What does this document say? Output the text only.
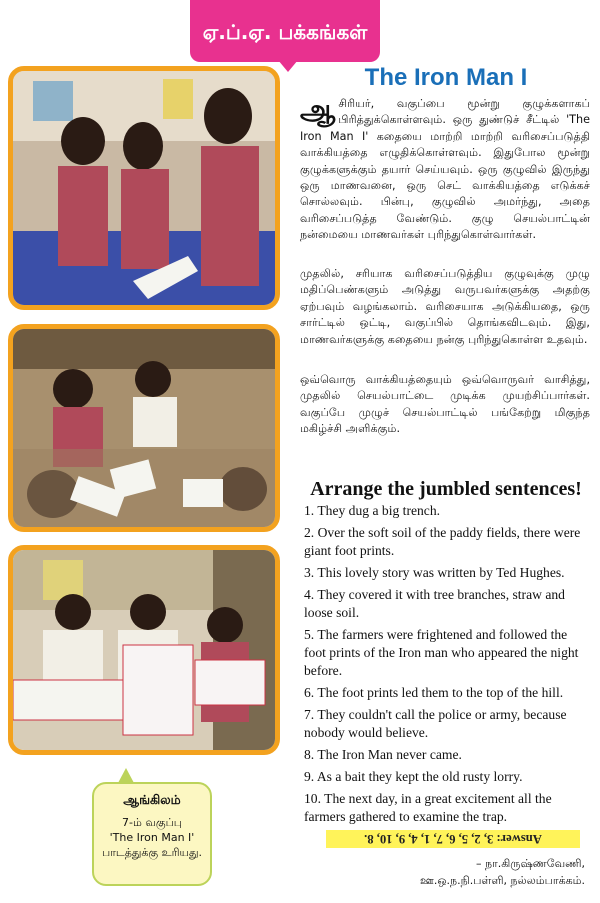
ஏ.ப்.ஏ. பக்கங்கள்
The Iron Man I
ஆசிரியர், வகுப்பை மூன்று குழுக்களாகப் பிரித்துக்கொள்ளவும். ஒரு துண்டுச் சீட்டில் 'The Iron Man I' கதையை மாற்றி மாற்றி வரிசைப்படுத்தி வாக்கியத்தை எழுதிக்கொள்ளவும். இதுபோல மூன்று குழுக்களுக்கும் தயார் செய்யவும். ஒரு குழுவில் இருந்து ஒரு மாணவனை, ஒரு செட் வாக்கியத்தை எடுக்கச் சொல்லவும். பின்பு, குழுவில் அமர்ந்து, அதை வரிசைப்படுத்த வேண்டும். குழு செயல்பாட்டின் நன்மையை மாணவர்கள் புரிந்துகொள்வார்கள்.
முதலில், சரியாக வரிசைப்படுத்திய குழுவுக்கு முழு மதிப்பெண்களும் அடுத்து வருபவர்களுக்கு அதற்கு ஏற்பவும் வழங்கலாம். வரிசையாக அடுக்கியதை, ஒரு சார்ட்டில் ஒட்டி, வகுப்பில் தொங்கவிடவும். இது, மாணவர்களுக்கு கதையை நன்கு புரிந்துகொள்ள உதவும்.
ஒவ்வொரு வாக்கியத்தையும் ஒவ்வொருவர் வாசித்து, முதலில் செயல்பாட்டை முடிக்க முயற்சிப்பார்கள். வகுப்பே முழுச் செயல்பாட்டில் பங்கேற்று மிகுந்த மகிழ்ச்சி அளிக்கும்.
Arrange the jumbled sentences!
1. They dug a big trench.
2. Over the soft soil of the paddy fields, there were giant foot prints.
3. This lovely story was written by Ted Hughes.
4. They covered it with tree branches, straw and loose soil.
5. The farmers were frightened and followed the foot prints of the Iron man who appeared the night before.
6. The foot prints led them to the top of the hill.
7. They couldn't call the police or army, because nobody would believe.
8. The Iron Man never came.
9. As a bait they kept the old rusty lorry.
10. The next day, in a great excitement all the farmers gathered to examine the trap.
Answer: 3, 2, 5, 6, 7, 1, 4, 9, 10, 8.
– நா.கிருஷ்ணவேணி,
ஊ.ஒ.ந.நி.பள்ளி, நல்லம்பாக்கம்.
ஆங்கிலம்
7-ம் வகுப்பு
'The Iron Man I' பாடத்துக்கு உரியது.
